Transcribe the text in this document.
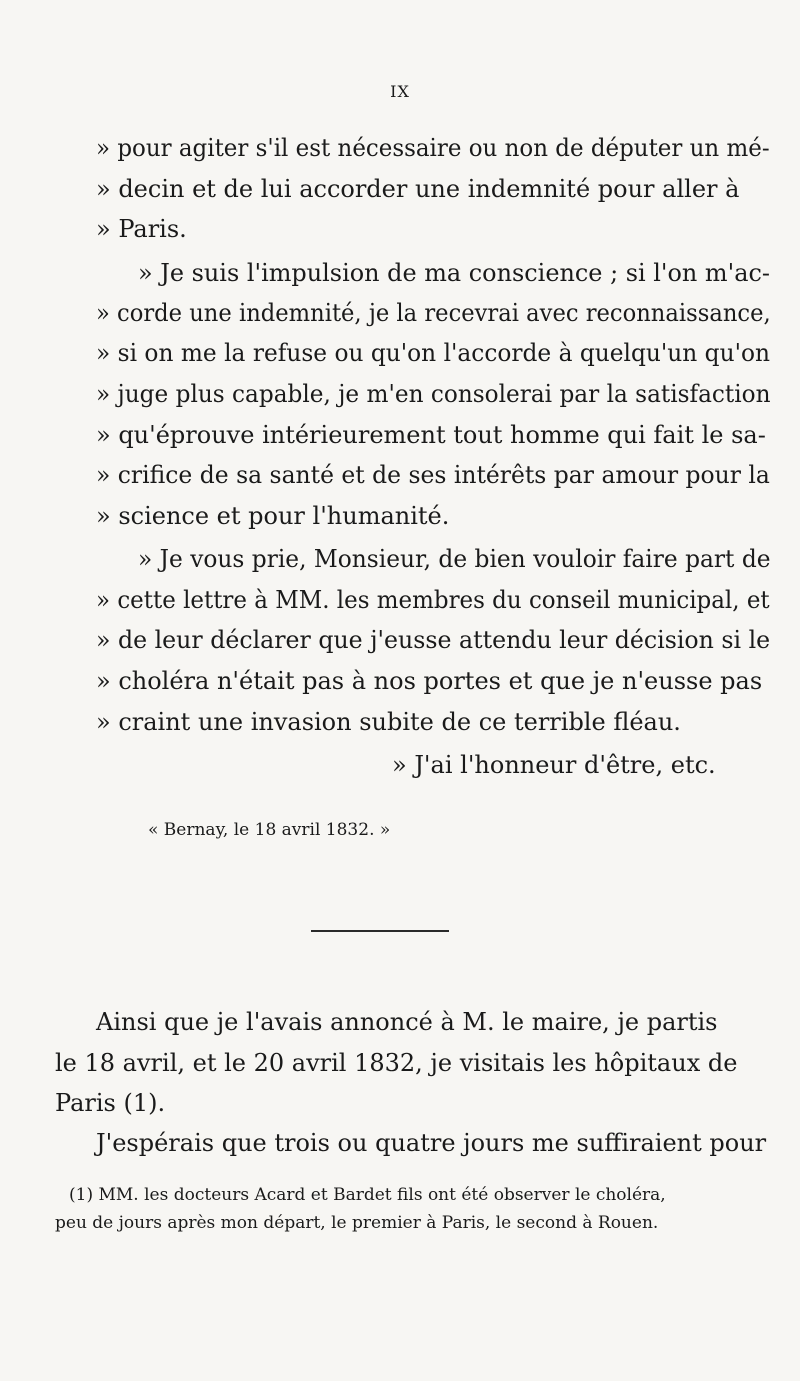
IX
» pour agiter s'il est nécessaire ou non de députer un mé-
» decin et de lui accorder une indemnité pour aller à
» Paris.
» Je suis l'impulsion de ma conscience ; si l'on m'ac-
» corde une indemnité, je la recevrai avec reconnaissance,
» si on me la refuse ou qu'on l'accorde à quelqu'un qu'on
» juge plus capable, je m'en consolerai par la satisfaction
» qu'éprouve intérieurement tout homme qui fait le sa-
» crifice de sa santé et de ses intérêts par amour pour la
» science et pour l'humanité.
» Je vous prie, Monsieur, de bien vouloir faire part de
» cette lettre à MM. les membres du conseil municipal, et
» de leur déclarer que j'eusse attendu leur décision si le
» choléra n'était pas à nos portes et que je n'eusse pas
» craint une invasion subite de ce terrible fléau.
» J'ai l'honneur d'être, etc.
« Bernay, le 18 avril 1832. »
Ainsi que je l'avais annoncé à M. le maire, je partis
le 18 avril, et le 20 avril 1832, je visitais les hôpitaux de
Paris (1).
J'espérais que trois ou quatre jours me suffiraient pour
(1) MM. les docteurs Acard et Bardet fils ont été observer le choléra,
peu de jours après mon départ, le premier à Paris, le second à Rouen.
